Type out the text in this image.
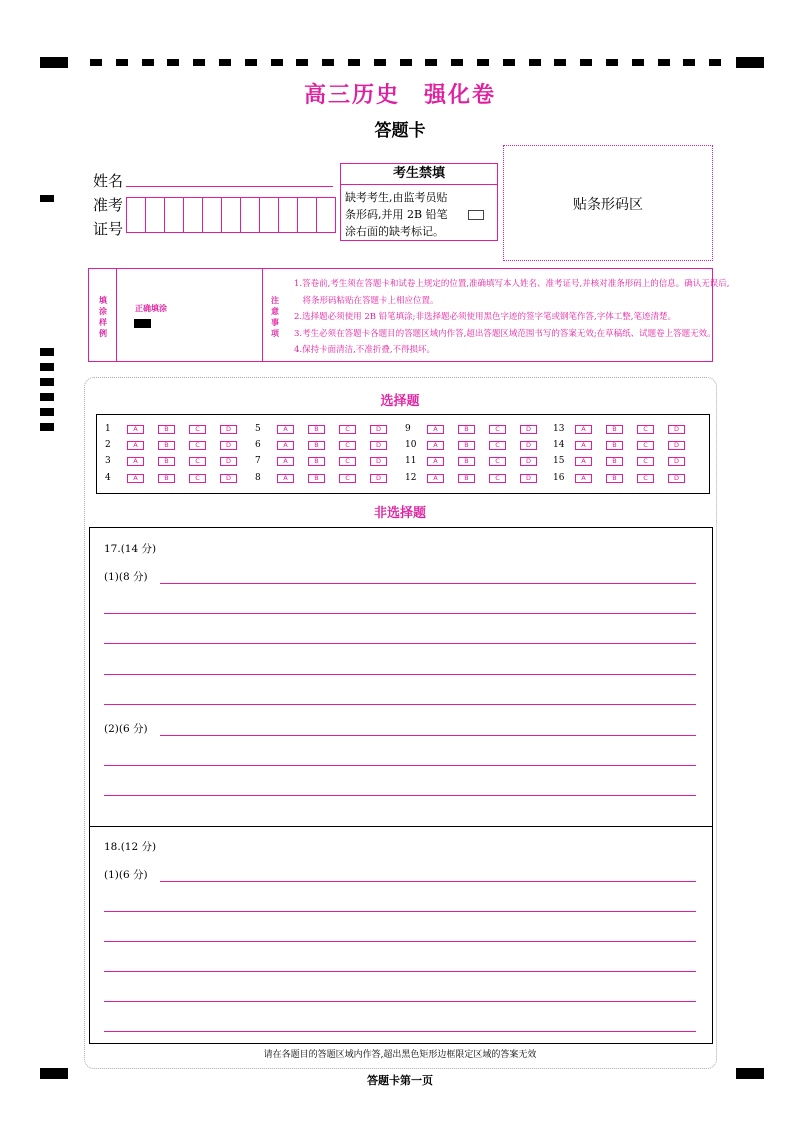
高三历史　强化卷
答题卡
姓名
准考
证号
考生禁填
缺考考生,由监考员贴条形码,并用 2B 铅笔涂右面的缺考标记。
贴条形码区
填涂样例
正确填涂
注意事项
1.答卷前,考生须在答题卡和试卷上规定的位置,准确填写本人姓名、准考证号,并核对准条形码上的信息。确认无误后,
　将条形码粘贴在答题卡上相应位置。
2.选择题必须使用 2B 铅笔填涂;非选择题必须使用黑色字迹的签字笔或钢笔作答,字体工整,笔迹清楚。
3.考生必须在答题卡各题目的答题区域内作答,超出答题区域范围书写的答案无效;在草稿纸、试题卷上答题无效。
4.保持卡面清洁,不准折叠,不得损坏。
选择题
1	A	B	C	D
2	A	B	C	D
3	A	B	C	D
4	A	B	C	D
5	A	B	C	D
6	A	B	C	D
7	A	B	C	D
8	A	B	C	D
9	A	B	C	D
10	A	B	C	D
11	A	B	C	D
12	A	B	C	D
13	A	B	C	D
14	A	B	C	D
15	A	B	C	D
16	A	B	C	D
非选择题
17.(14 分)
(1)(8 分)
(2)(6 分)
18.(12 分)
(1)(6 分)
请在各题目的答题区域内作答,超出黑色矩形边框限定区域的答案无效
答题卡第一页
